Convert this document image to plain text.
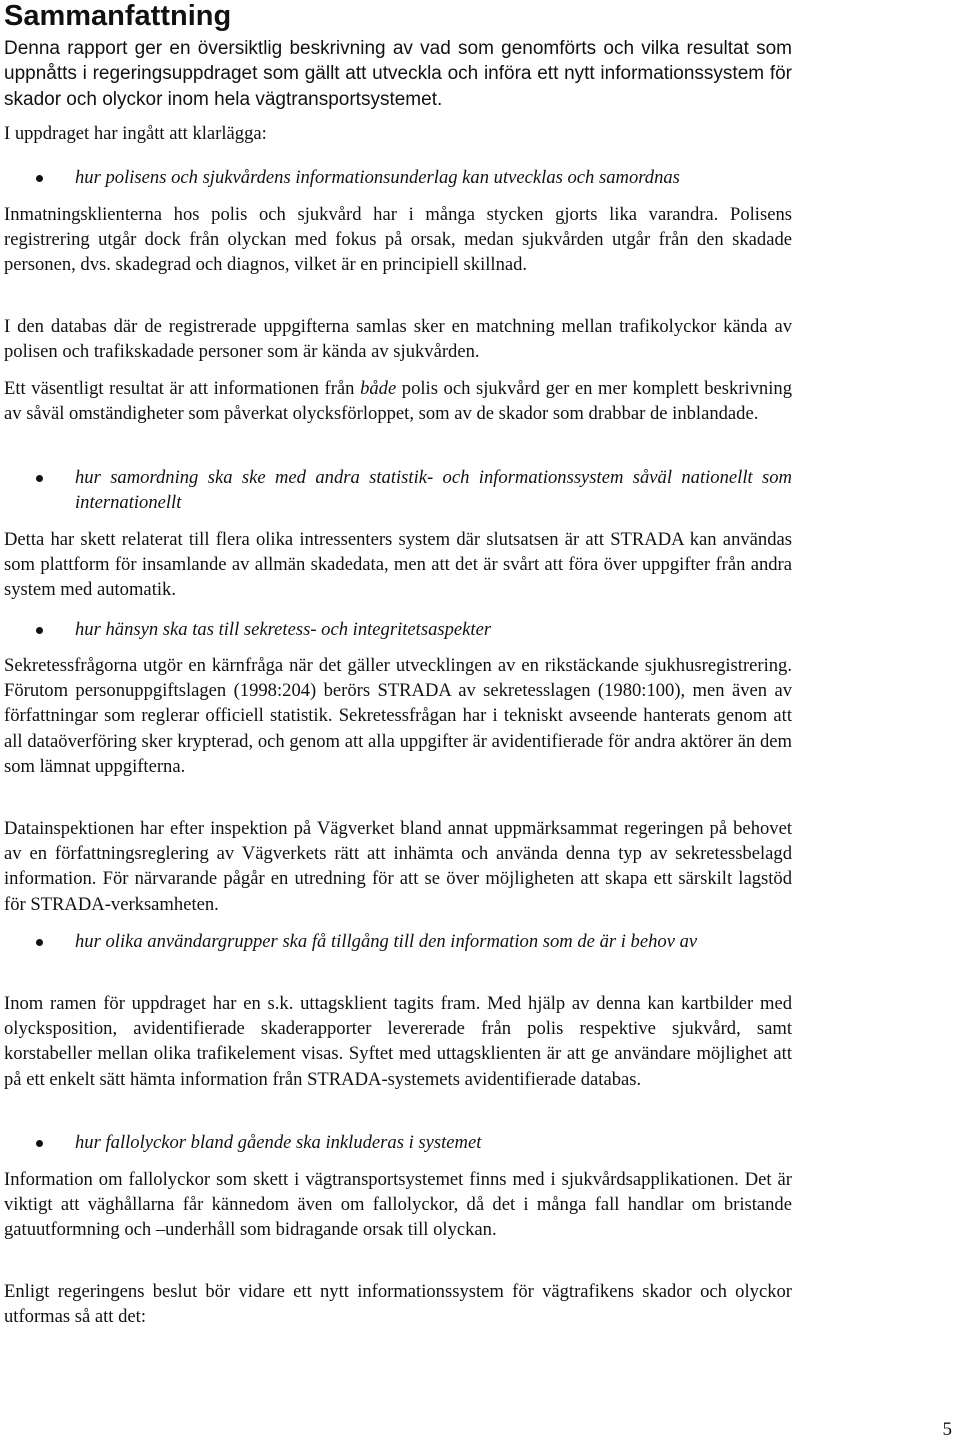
Sammanfattning
Denna rapport ger en översiktlig beskrivning av vad som genomförts och vilka resultat som uppnåtts i regeringsuppdraget som gällt att utveckla och införa ett nytt informationssystem för skador och olyckor inom hela vägtransportsystemet.
I uppdraget har ingått att klarlägga:
hur polisens och sjukvårdens informationsunderlag kan utvecklas och samordnas
Inmatningsklienterna hos polis och sjukvård har i många stycken gjorts lika varandra. Polisens registrering utgår dock från olyckan med fokus på orsak, medan sjukvården utgår från den skadade personen, dvs. skadegrad och diagnos, vilket är en principiell skillnad.
I den databas där de registrerade uppgifterna samlas sker en matchning mellan trafikolyckor kända av polisen och trafikskadade personer som är kända av sjukvården.
Ett väsentligt resultat är att informationen från både polis och sjukvård ger en mer komplett beskrivning av såväl omständigheter som påverkat olycksförloppet, som av de skador som drabbar de inblandade.
hur samordning ska ske med andra statistik- och informationssystem såväl nationellt som internationellt
Detta har skett relaterat till flera olika intressenters system där slutsatsen är att STRADA kan användas som plattform för insamlande av allmän skadedata, men att det är svårt att föra över uppgifter från andra system med automatik.
hur hänsyn ska tas till sekretess- och integritetsaspekter
Sekretessfrågorna utgör en kärnfråga när det gäller utvecklingen av en rikstäckande sjukhusregistrering. Förutom personuppgiftslagen (1998:204) berörs STRADA av sekretesslagen (1980:100), men även av författningar som reglerar officiell statistik. Sekretessfrågan har i tekniskt avseende hanterats genom att all dataöverföring sker krypterad, och genom att alla uppgifter är avidentifierade för andra aktörer än dem som lämnat uppgifterna.
Datainspektionen har efter inspektion på Vägverket bland annat uppmärksammat regeringen på behovet av en författningsreglering av Vägverkets rätt att inhämta och använda denna typ av sekretessbelagd information. För närvarande pågår en utredning för att se över möjligheten att skapa ett särskilt lagstöd för STRADA-verksamheten.
hur olika användargrupper ska få tillgång till den information som de är i behov av
Inom ramen för uppdraget har en s.k. uttagsklient tagits fram. Med hjälp av denna kan kartbilder med olycksposition, avidentifierade skaderapporter levererade från polis respektive sjukvård, samt korstabeller mellan olika trafikelement visas. Syftet med uttagsklienten är att ge användare möjlighet att på ett enkelt sätt hämta information från STRADA-systemets avidentifierade databas.
hur fallolyckor bland gående ska inkluderas i systemet
Information om fallolyckor som skett i vägtransportsystemet finns med i sjukvårdsapplikationen. Det är viktigt att väghållarna får kännedom även om fallolyckor, då det i många fall handlar om bristande gatuutformning och –underhåll som bidragande orsak till olyckan.
Enligt regeringens beslut bör vidare ett nytt informationssystem för vägtrafikens skador och olyckor utformas så att det:
5
